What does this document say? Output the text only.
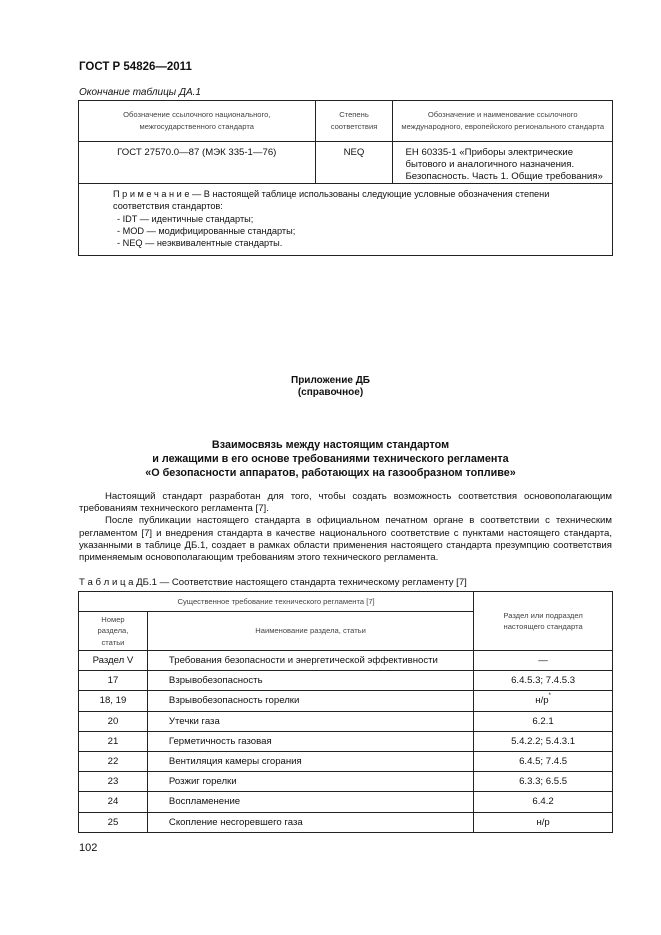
ГОСТ Р 54826—2011
Окончание таблицы ДА.1
Обозначение ссылочного национального, межгосударственного стандарта	Степень соответствия	Обозначение и наименование ссылочного международного, европейского регионального стандарта

ГОСТ 27570.0—87 (МЭК 335-1—76)	NEQ	ЕН 60335-1 «Приборы электрические бытового и аналогичного назначения. Безопасность. Часть 1. Общие требования»

П р и м е ч а н и е — В настоящей таблице использованы следующие условные обозначения степени соответствия стандартов:
- IDT — идентичные стандарты;
- MOD — модифицированные стандарты;
- NEQ — неэквивалентные стандарты.		
Приложение ДБ
(справочное)
Взаимосвязь между настоящим стандартом
и лежащими в его основе требованиями технического регламента
«О безопасности аппаратов, работающих на газообразном топливе»

Настоящий стандарт разработан для того, чтобы создать возможность соответствия основополагающим требованиям технического регламента [7].

После публикации настоящего стандарта в официальном печатном органе в соответствии с техническим регламентом [7] и внедрения стандарта в качестве национального соответствие с пунктами настоящего стандарта, указанными в таблице ДБ.1, создает в рамках области применения настоящего стандарта презумпцию соответствия применяемым основополагающим требованиям этого технического регламента.

Т а б л и ц а ДБ.1 — Соответствие настоящего стандарта техническому регламенту [7]
Существенное требование технического регламента [7]		Раздел или подраздел настоящего стандарта

Номер раздела, статьи	Наименование раздела, статьи	
Раздел V	Требования безопасности и энергетической эффективности	—
17	Взрывобезопасность	6.4.5.3; 7.4.5.3
18, 19	Взрывобезопасность горелки	н/р*
20	Утечки газа	6.2.1
21	Герметичность газовая	5.4.2.2; 5.4.3.1
22	Вентиляция камеры сгорания	6.4.5; 7.4.5
23	Розжиг горелки	6.3.3; 6.5.5
24	Воспламенение	6.4.2
25	Скопление несгоревшего газа	н/р
102
